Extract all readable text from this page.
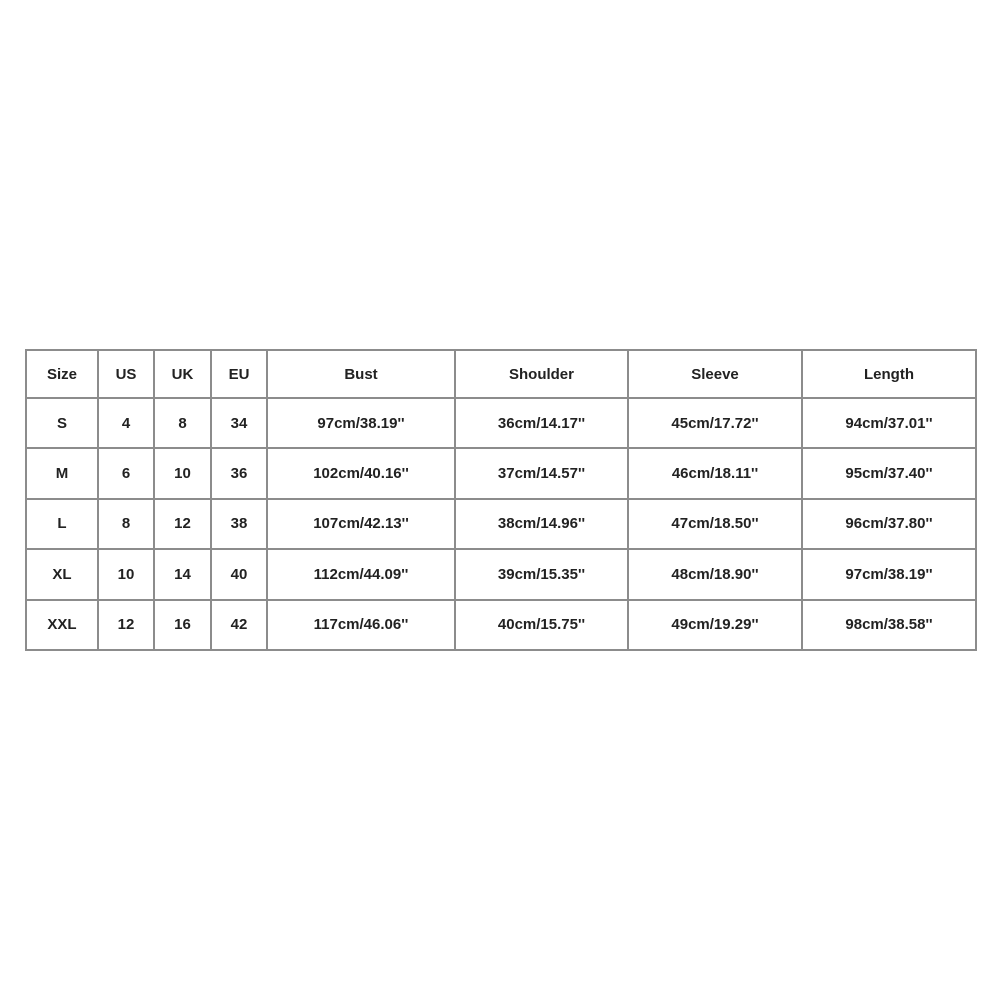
Size	US	UK	EU	Bust	Shoulder	Sleeve	Length
S	4	8	34	97cm/38.19''	36cm/14.17''	45cm/17.72''	94cm/37.01''
M	6	10	36	102cm/40.16''	37cm/14.57''	46cm/18.11''	95cm/37.40''
L	8	12	38	107cm/42.13''	38cm/14.96''	47cm/18.50''	96cm/37.80''
XL	10	14	40	112cm/44.09''	39cm/15.35''	48cm/18.90''	97cm/38.19''
XXL	12	16	42	117cm/46.06''	40cm/15.75''	49cm/19.29''	98cm/38.58''
